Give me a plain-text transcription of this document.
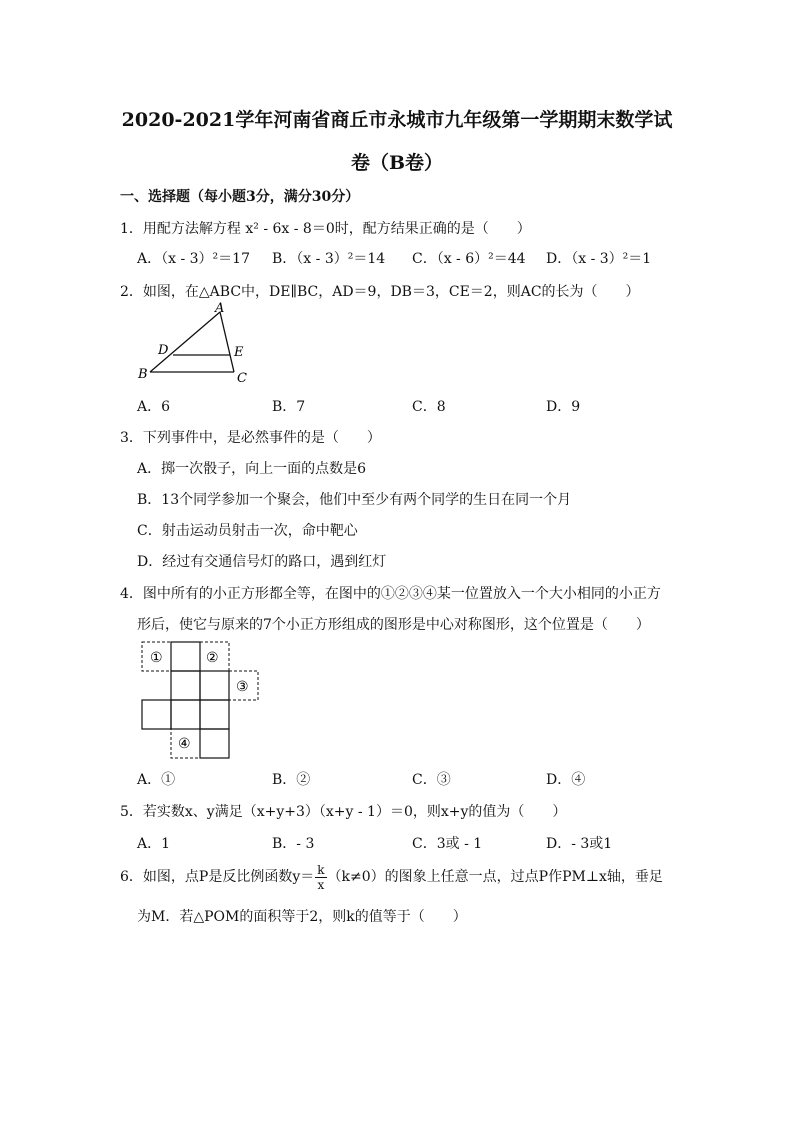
2020-2021学年河南省商丘市永城市九年级第一学期期末数学试
卷（B卷）
一、选择题（每小题3分，满分30分）
1．用配方法解方程 x² - 6x - 8＝0时，配方结果正确的是（　　）
A．（x - 3）²＝17 B．（x - 3）²＝14 C．（x - 6）²＝44 D．（x - 3）²＝1
2．如图，在△ABC中，DE∥BC，AD＝9，DB＝3，CE＝2，则AC的长为（　　）
A
B	C
D	E
A．6	B．7	C．8	D．9
3．下列事件中，是必然事件的是（　　）
A．掷一次骰子，向上一面的点数是6
B．13个同学参加一个聚会，他们中至少有两个同学的生日在同一个月
C．射击运动员射击一次，命中靶心
D．经过有交通信号灯的路口，遇到红灯
4．图中所有的小正方形都全等，在图中的①②③④某一位置放入一个大小相同的小正方
形后，使它与原来的7个小正方形组成的图形是中心对称图形，这个位置是（　　）
①	②
③
④
A．①	B．②	C．③	D．④
5．若实数x、y满足（x+y+3）（x+y - 1）＝0，则x+y的值为（　　）
A．1	B．- 3	C．3或 - 1	D．- 3或1
6．如图，点P是反比例函数$y= \frac{k}{x} (k\ne 0)$的图象上任意一点，过点P作PM⊥x轴，垂足
为M．若△POM的面积等于2，则k的值等于（　　）
